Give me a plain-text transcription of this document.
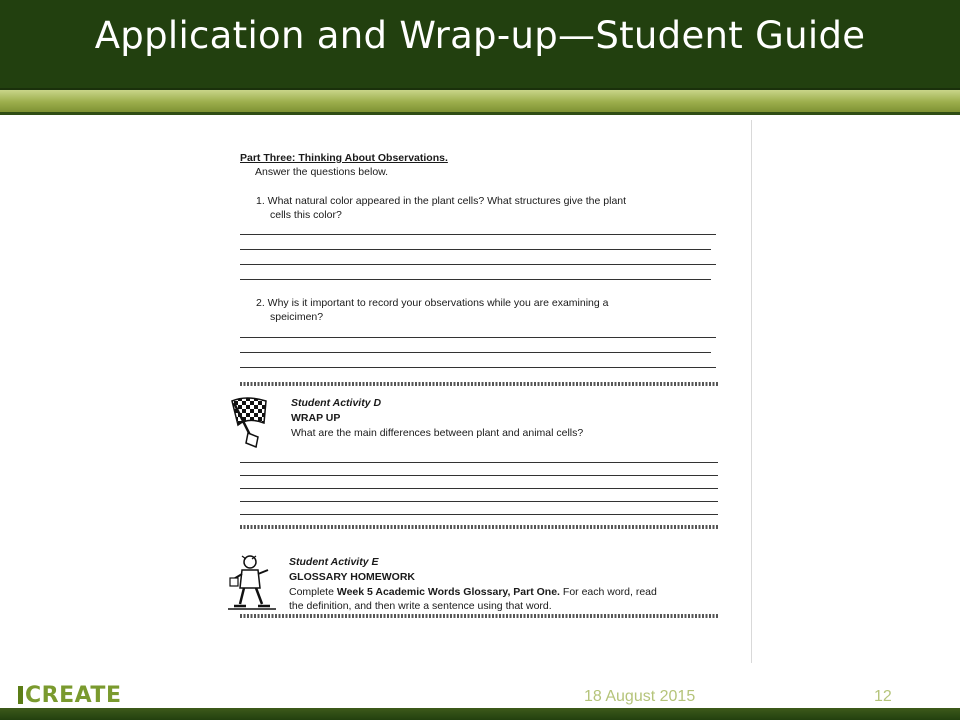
Application and Wrap-up—Student Guide
Part Three: Thinking About Observations.
Answer the questions below.
1. What natural color appeared in the plant cells? What structures give the plant
cells this color?
2. Why is it important to record your observations while you are examining a
speicimen?
Student Activity D
WRAP UP
What are the main differences between plant and animal cells?
Student Activity E
GLOSSARY HOMEWORK
Complete Week 5 Academic Words Glossary, Part One. For each word, read
the definition, and then write a sentence using that word.
CREATE	18 August 2015	12
